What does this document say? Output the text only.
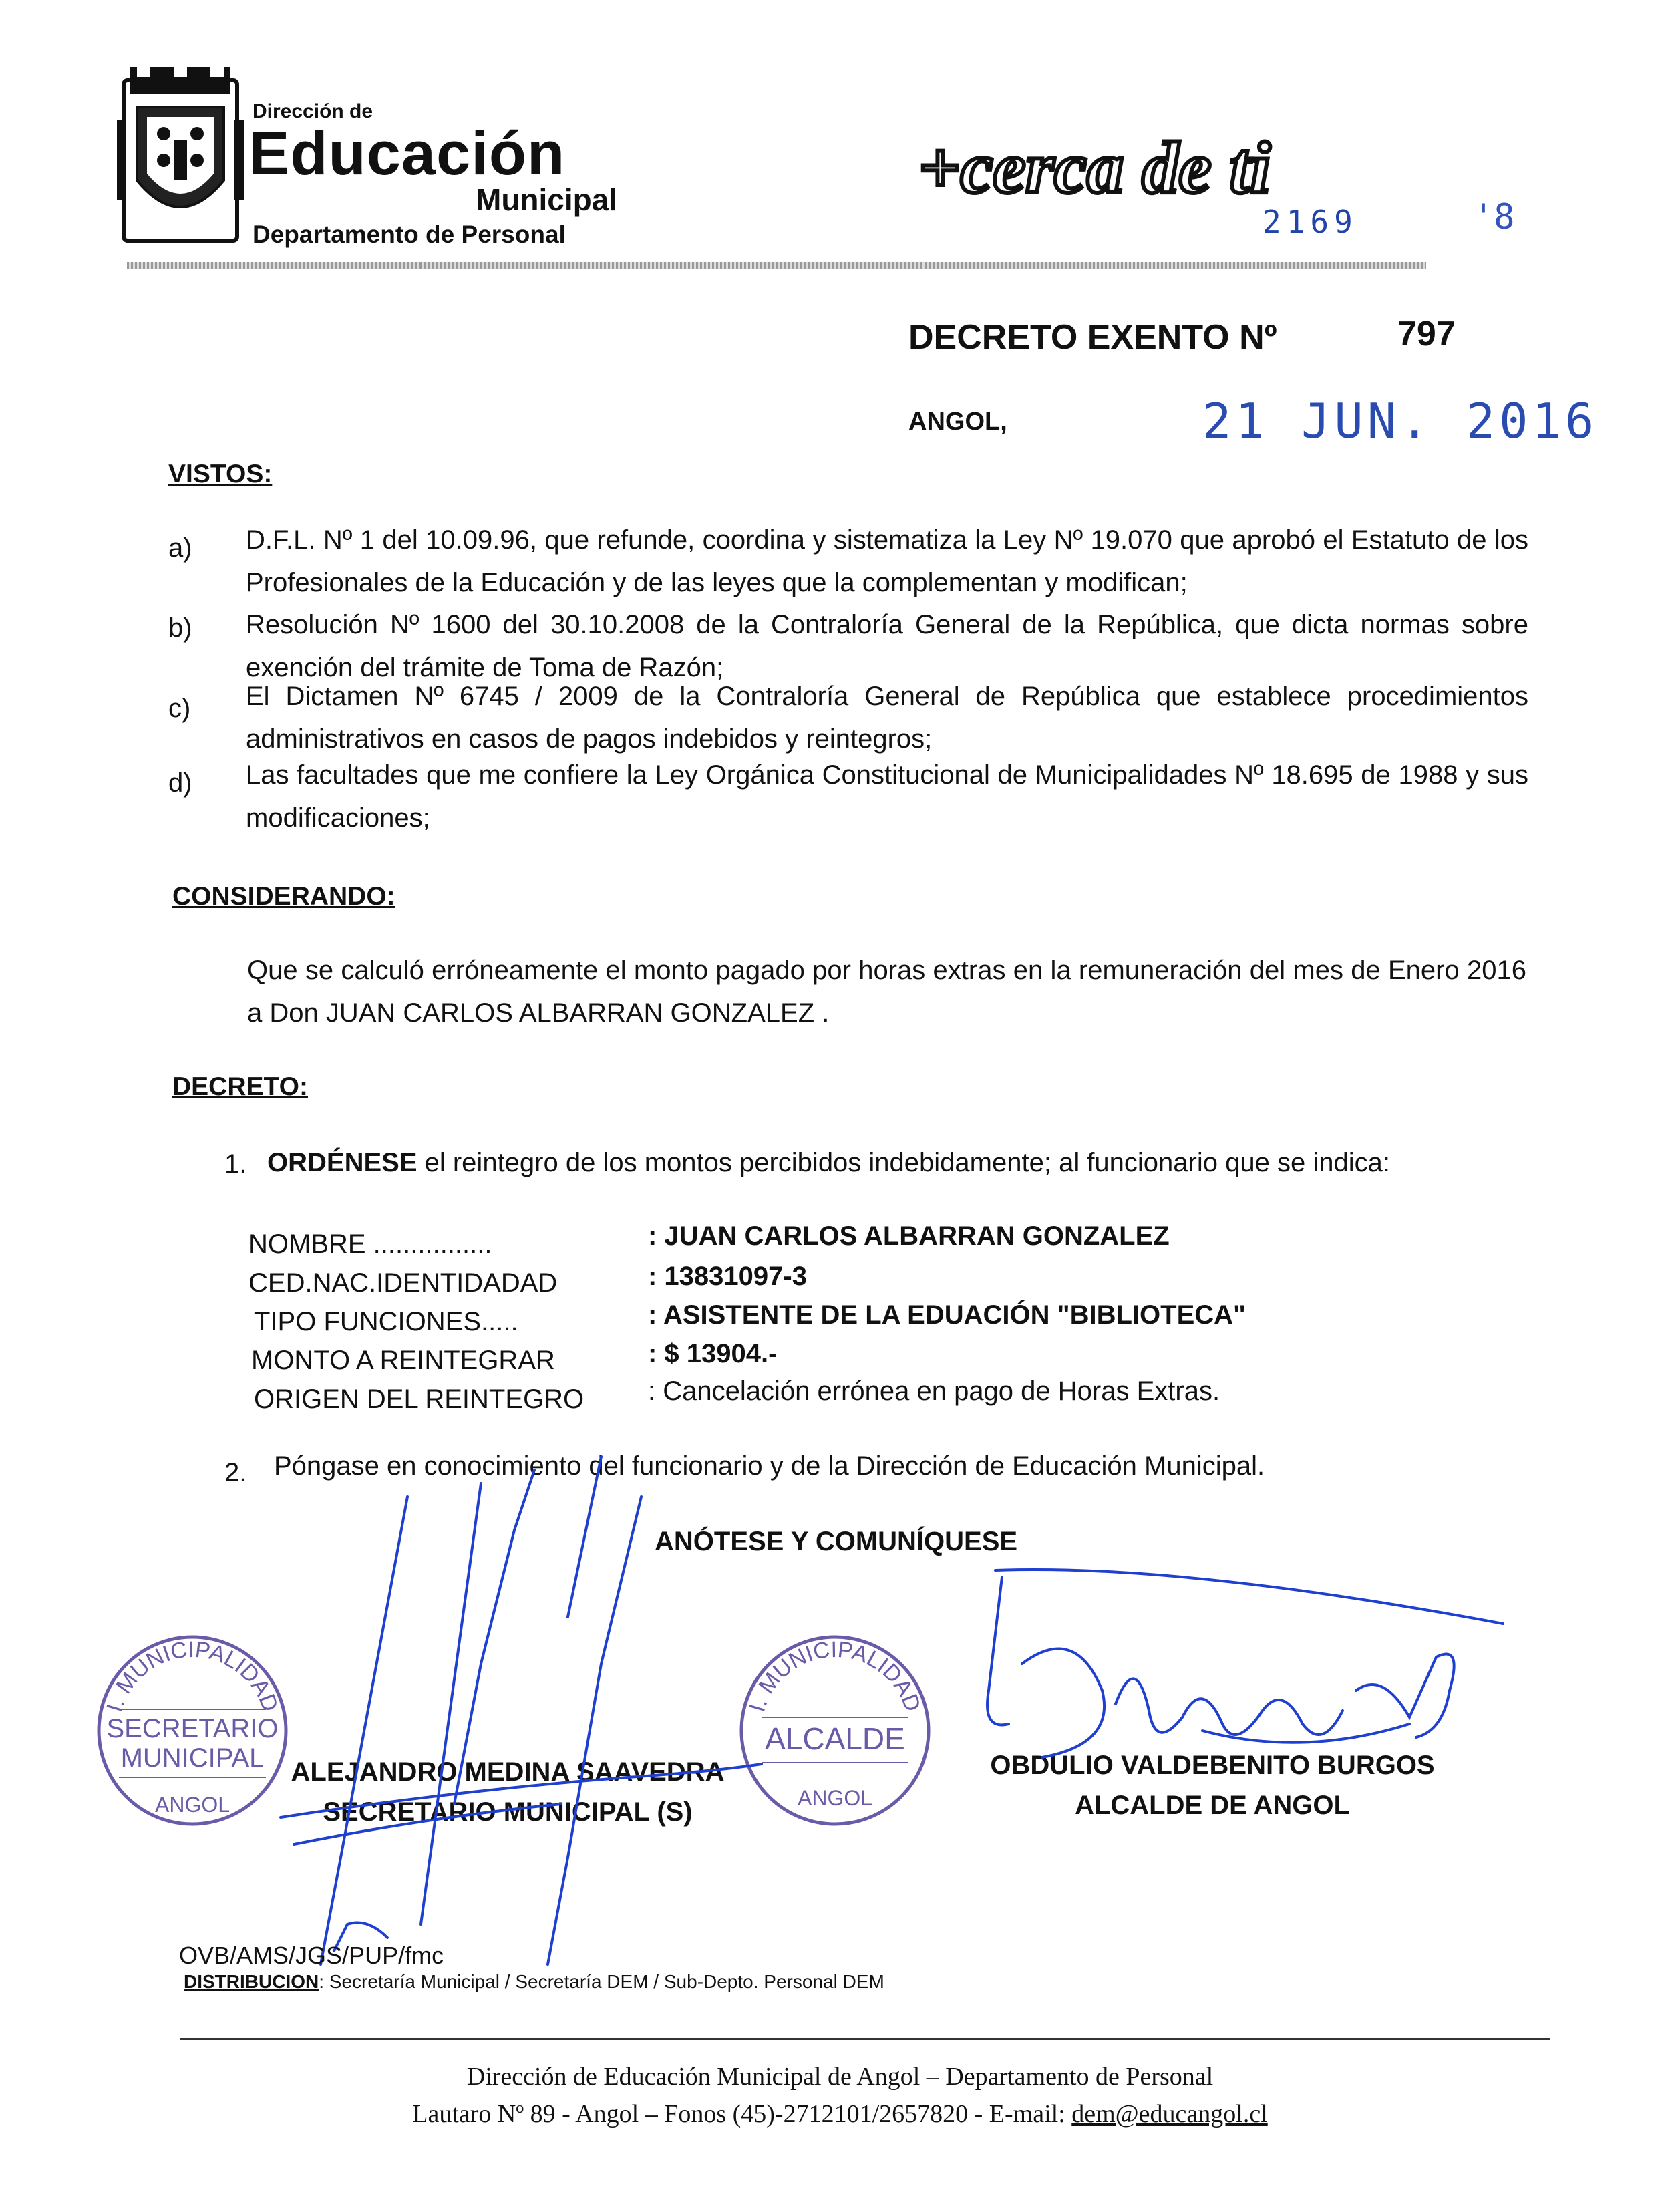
Dirección de
Educación
Municipal
Departamento de Personal
+cerca de ti
2169	'8
DECRETO EXENTO Nº	797
ANGOL,	21 JUN. 2016
VISTOS:
a) D.F.L. Nº 1 del 10.09.96, que refunde, coordina y sistematiza la Ley Nº 19.070 que aprobó el Estatuto de los Profesionales de la Educación y de las leyes que la complementan y modifican;
b) Resolución Nº 1600 del 30.10.2008 de la Contraloría General de la República, que dicta normas sobre exención del trámite de Toma de Razón;
c) El Dictamen Nº 6745 / 2009 de la Contraloría General de República que establece procedimientos administrativos en casos de pagos indebidos y reintegros;
d) Las facultades que me confiere la Ley Orgánica Constitucional de Municipalidades Nº 18.695 de 1988 y sus modificaciones;
CONSIDERANDO:
Que se calculó erróneamente el monto pagado por horas extras en la remuneración del mes de Enero 2016 a Don JUAN CARLOS ALBARRAN GONZALEZ .
DECRETO:
1. ORDÉNESE el reintegro de los montos percibidos indebidamente; al funcionario que se indica:
NOMBRE ................	: JUAN CARLOS ALBARRAN GONZALEZ
CED.NAC.IDENTIDADAD	: 13831097-3
TIPO FUNCIONES.....	: ASISTENTE DE LA EDUACIÓN "BIBLIOTECA"
MONTO A REINTEGRAR	: $ 13904.-
ORIGEN DEL REINTEGRO : Cancelación errónea en pago de Horas Extras.
2. Póngase en conocimiento del funcionario y de la Dirección de Educación Municipal.
ANÓTESE Y COMUNÍQUESE
I. MUNICIPALIDAD
SECRETARIO
MUNICIPAL
ANGOL
I. MUNICIPALIDAD
ALCALDE
ANGOL
ALEJANDRO MEDINA SAAVEDRA
SECRETARIO MUNICIPAL (S)
OBDULIO VALDEBENITO BURGOS
ALCALDE DE ANGOL
OVB/AMS/JGS/PUP/fmc
DISTRIBUCION: Secretaría Municipal / Secretaría DEM / Sub-Depto. Personal DEM
Dirección de Educación Municipal de Angol – Departamento de Personal
Lautaro Nº 89 - Angol – Fonos (45)-2712101/2657820 - E-mail: dem@educangol.cl
